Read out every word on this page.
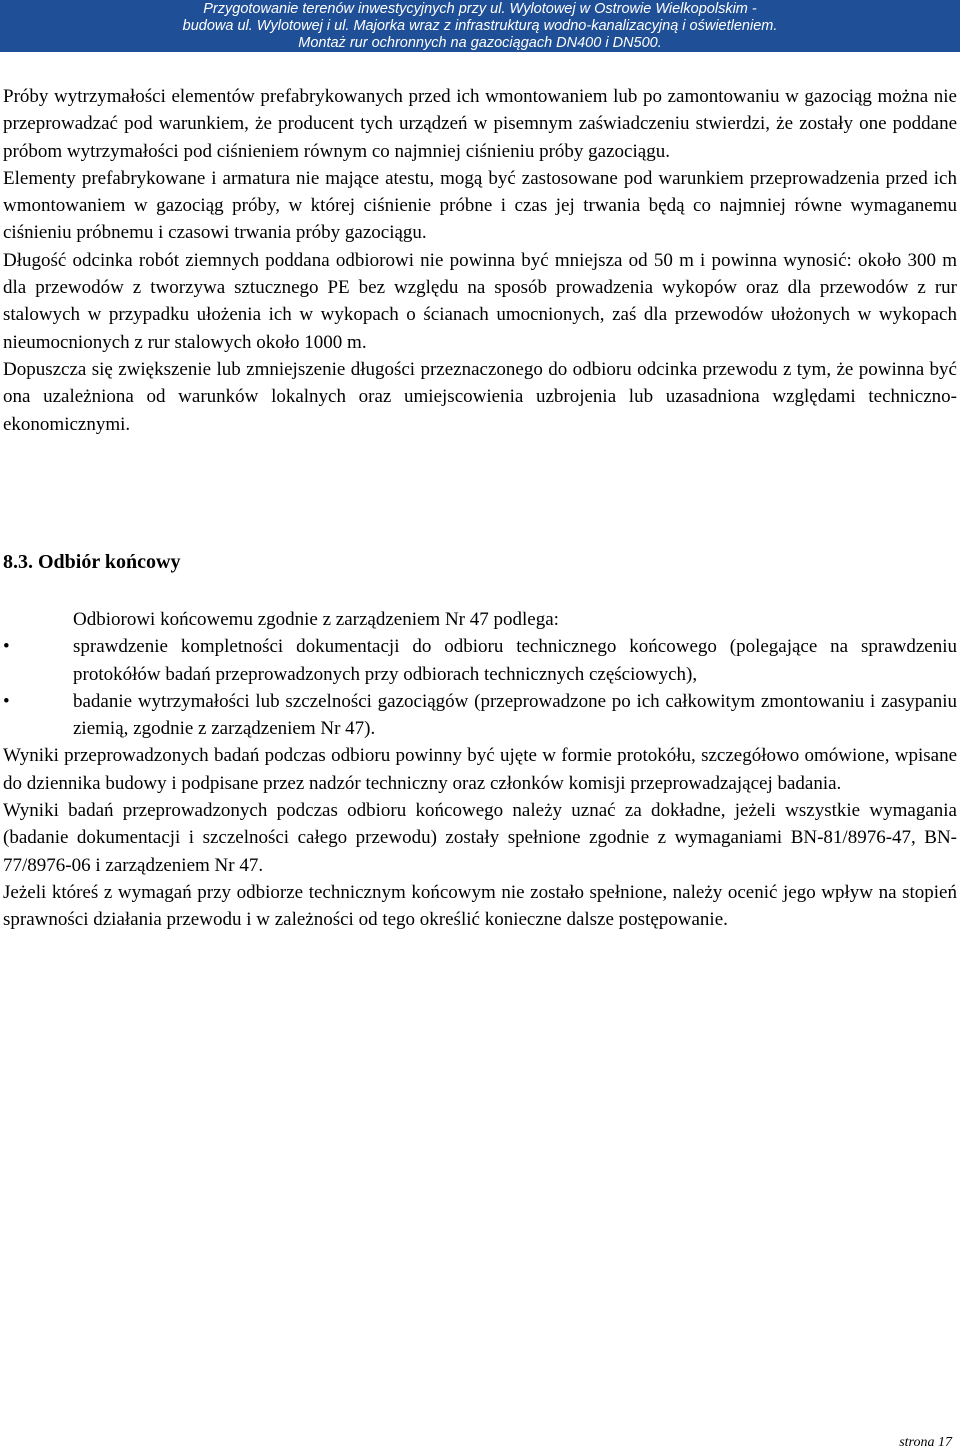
Przygotowanie terenów inwestycyjnych przy ul. Wylotowej w Ostrowie Wielkopolskim -
budowa ul. Wylotowej i ul. Majorka wraz z infrastrukturą wodno-kanalizacyjną i oświetleniem.
Montaż rur ochronnych na gazociągach DN400 i DN500.

Próby wytrzymałości elementów prefabrykowanych przed ich wmontowaniem lub po zamontowaniu w gazociąg można nie przeprowadzać pod warunkiem, że producent tych urządzeń w pisemnym zaświadczeniu stwierdzi, że zostały one poddane próbom wytrzymałości pod ciśnieniem równym co najmniej ciśnieniu próby gazociągu.

Elementy prefabrykowane i armatura nie mające atestu, mogą być zastosowane pod warunkiem przeprowadzenia przed ich wmontowaniem w gazociąg próby, w której ciśnienie próbne i czas jej trwania będą co najmniej równe wymaganemu ciśnieniu próbnemu i czasowi trwania próby gazociągu.

Długość odcinka robót ziemnych poddana odbiorowi nie powinna być mniejsza od 50 m i powinna wynosić: około 300 m dla przewodów z tworzywa sztucznego PE bez względu na sposób prowadzenia wykopów oraz dla przewodów z rur stalowych w przypadku ułożenia ich w wykopach o ścianach umocnionych, zaś dla przewodów ułożonych w wykopach nieumocnionych z rur stalowych około 1000 m.

Dopuszcza się zwiększenie lub zmniejszenie długości przeznaczonego do odbioru odcinka przewodu z tym, że powinna być ona uzależniona od warunków lokalnych oraz umiejscowienia uzbrojenia lub uzasadniona względami techniczno-ekonomicznymi.

8.3. Odbiór końcowy

Odbiorowi końcowemu zgodnie z zarządzeniem Nr 47 podlega:

•	sprawdzenie kompletności dokumentacji do odbioru technicznego końcowego (polegające na sprawdzeniu protokółów badań przeprowadzonych przy odbiorach technicznych częściowych),
•	badanie wytrzymałości lub szczelności gazociągów (przeprowadzone po ich całkowitym zmontowaniu i zasypaniu ziemią, zgodnie z zarządzeniem Nr 47).

Wyniki przeprowadzonych badań podczas odbioru powinny być ujęte w formie protokółu, szczegółowo omówione, wpisane do dziennika budowy i podpisane przez nadzór techniczny oraz członków komisji przeprowadzającej badania.

Wyniki badań przeprowadzonych podczas odbioru końcowego należy uznać za dokładne, jeżeli wszystkie wymagania (badanie dokumentacji i szczelności całego przewodu) zostały spełnione zgodnie z wymaganiami BN-81/8976-47, BN-77/8976-06 i zarządzeniem Nr 47.

Jeżeli któreś z wymagań przy odbiorze technicznym końcowym nie zostało spełnione, należy ocenić jego wpływ na stopień sprawności działania przewodu i w zależności od tego określić konieczne dalsze postępowanie.

strona 17
